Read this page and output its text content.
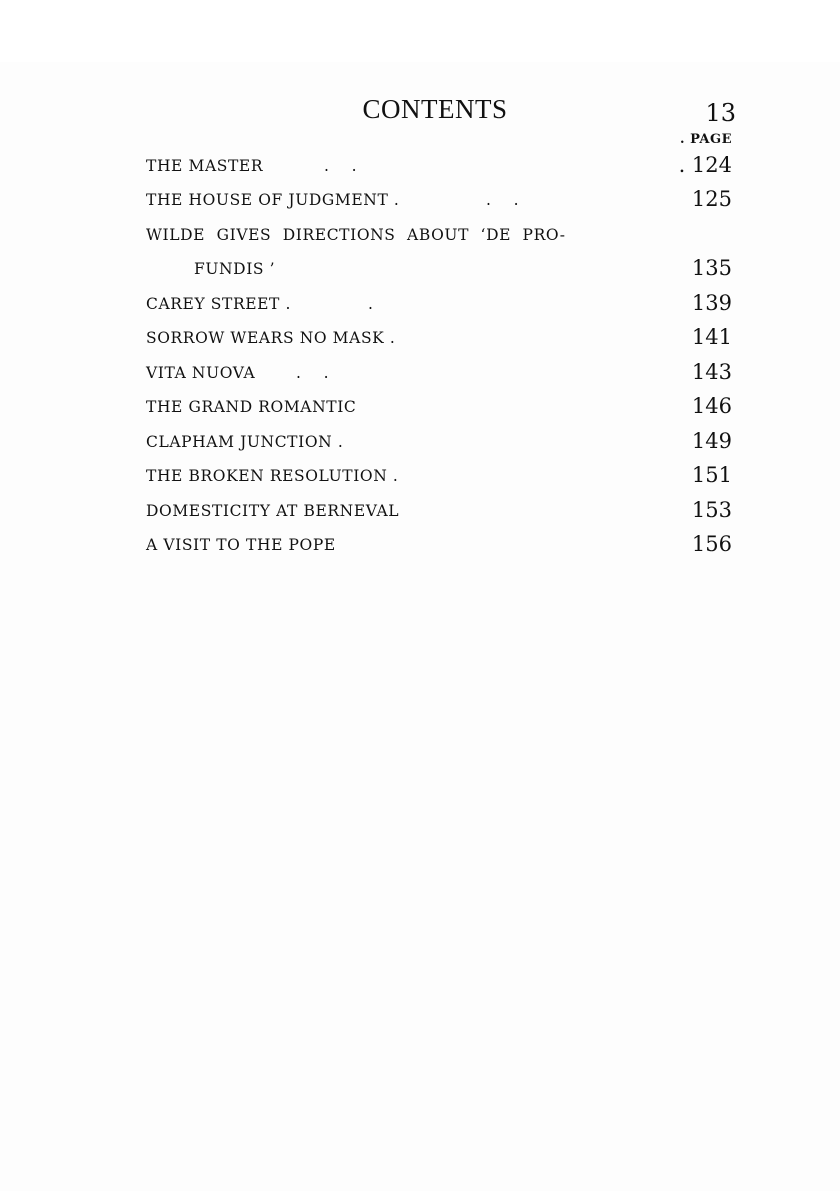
CONTENTS	13
. PAGE
THE MASTER	.    .	. 124
THE HOUSE OF JUDGMENT .	.    .	125
WILDE GIVES DIRECTIONS ABOUT ‘DE PRO-
FUNDIS ’	135
CAREY STREET .	.	139
SORROW WEARS NO MASK .	141
VITA NUOVA	.    .	143
THE GRAND ROMANTIC	146
CLAPHAM JUNCTION .	149
THE BROKEN RESOLUTION .	151
DOMESTICITY AT BERNEVAL	153
A VISIT TO THE POPE	156
